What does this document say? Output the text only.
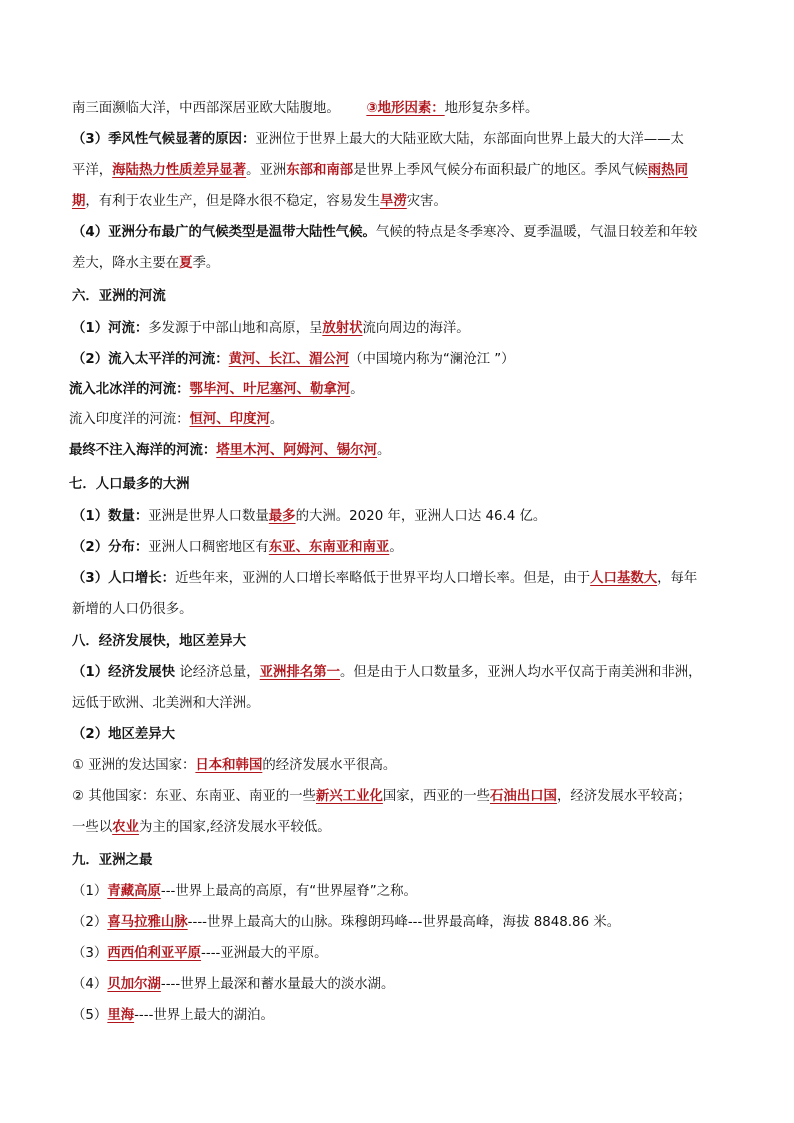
南三面濒临大洋，中西部深居亚欧大陆腹地。 ③地形因素：地形复杂多样。
（3）季风性气候显著的原因：亚洲位于世界上最大的大陆亚欧大陆，东部面向世界上最大的大洋——太
平洋，海陆热力性质差异显著。亚洲东部和南部是世界上季风气候分布面积最广的地区。季风气候雨热同
期，有利于农业生产，但是降水很不稳定，容易发生旱涝灾害。
（4）亚洲分布最广的气候类型是温带大陆性气候。气候的特点是冬季寒冷、夏季温暖，气温日较差和年较
差大，降水主要在夏季。
六．亚洲的河流
（1）河流：多发源于中部山地和高原，呈放射状流向周边的海洋。
（2）流入太平洋的河流：黄河、长江、湄公河（中国境内称为“澜沧江 ”）
流入北冰洋的河流：鄂毕河、叶尼塞河、勒拿河。
流入印度洋的河流：恒河、印度河。
最终不注入海洋的河流：塔里木河、阿姆河、锡尔河。
七．人口最多的大洲
（1）数量：亚洲是世界人口数量最多的大洲。2020 年，亚洲人口达 46.4 亿。
（2）分布：亚洲人口稠密地区有东亚、东南亚和南亚。
（3）人口增长：近些年来，亚洲的人口增长率略低于世界平均人口增长率。但是，由于人口基数大，每年
新增的人口仍很多。
八．经济发展快，地区差异大
（1）经济发展快 论经济总量，亚洲排名第一。但是由于人口数量多，亚洲人均水平仅高于南美洲和非洲，
远低于欧洲、北美洲和大洋洲。
（2）地区差异大
① 亚洲的发达国家：日本和韩国的经济发展水平很高。
② 其他国家：东亚、东南亚、南亚的一些新兴工业化国家，西亚的一些石油出口国，经济发展水平较高；
一些以农业为主的国家,经济发展水平较低。
九．亚洲之最
（1）青藏高原---世界上最高的高原，有“世界屋脊”之称。
（2）喜马拉雅山脉----世界上最高大的山脉。珠穆朗玛峰---世界最高峰，海拔 8848.86 米。
（3）西西伯利亚平原----亚洲最大的平原。
（4）贝加尔湖----世界上最深和蓄水量最大的淡水湖。
（5）里海----世界上最大的湖泊。
